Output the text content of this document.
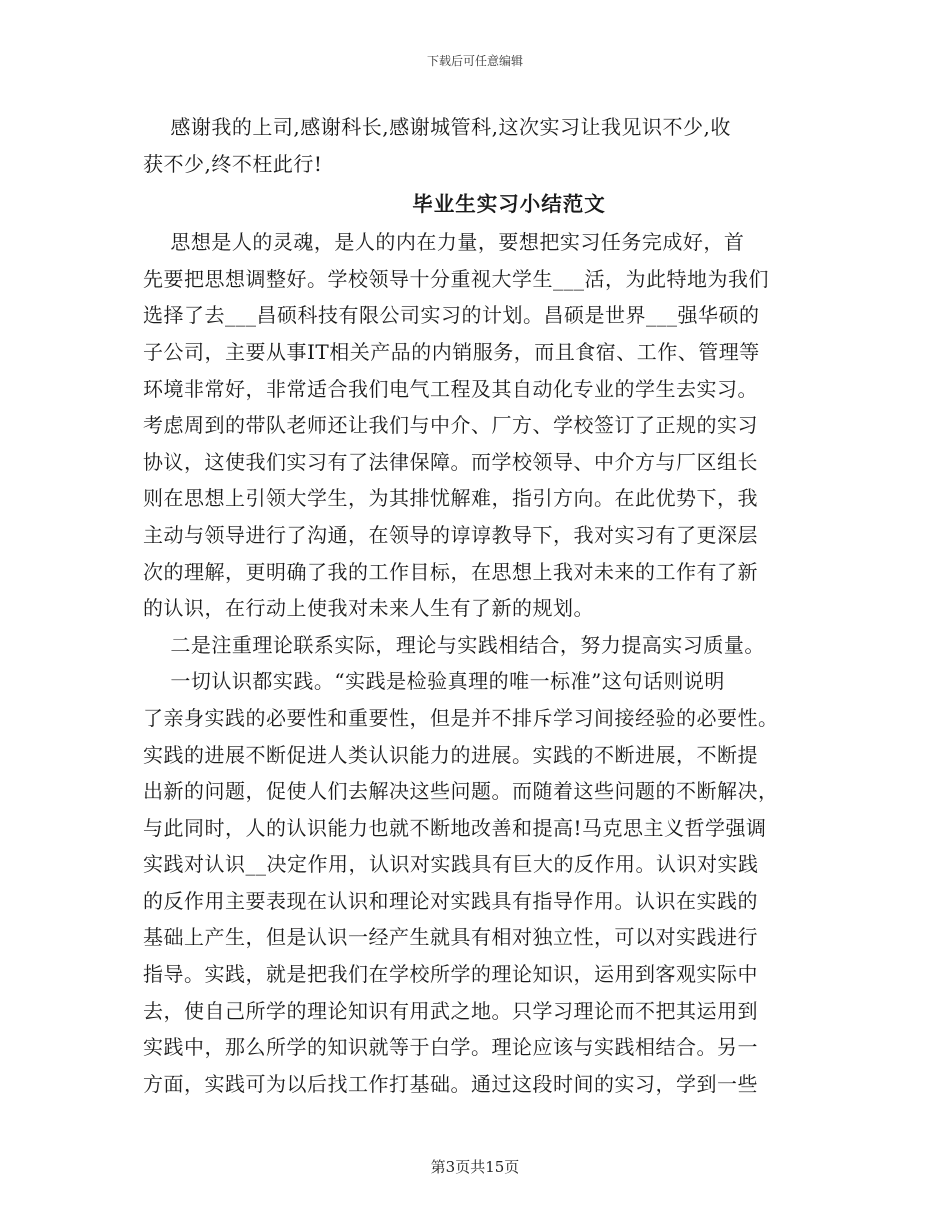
下载后可任意编辑
感谢我的上司,感谢科长,感谢城管科,这次实习让我见识不少,收
获不少,终不枉此行!
毕业生实习小结范文
思想是人的灵魂，是人的内在力量，要想把实习任务完成好，首
先要把思想调整好。学校领导十分重视大学生___活，为此特地为我们
选择了去___昌硕科技有限公司实习的计划。昌硕是世界___强华硕的
子公司，主要从事IT相关产品的内销服务，而且食宿、工作、管理等
环境非常好，非常适合我们电气工程及其自动化专业的学生去实习。
考虑周到的带队老师还让我们与中介、厂方、学校签订了正规的实习
协议，这使我们实习有了法律保障。而学校领导、中介方与厂区组长
则在思想上引领大学生，为其排忧解难，指引方向。在此优势下，我
主动与领导进行了沟通，在领导的谆谆教导下，我对实习有了更深层
次的理解，更明确了我的工作目标，在思想上我对未来的工作有了新
的认识，在行动上使我对未来人生有了新的规划。
二是注重理论联系实际，理论与实践相结合，努力提高实习质量。
一切认识都实践。“实践是检验真理的唯一标准”这句话则说明
了亲身实践的必要性和重要性，但是并不排斥学习间接经验的必要性。
实践的进展不断促进人类认识能力的进展。实践的不断进展，不断提
出新的问题，促使人们去解决这些问题。而随着这些问题的不断解决，
与此同时，人的认识能力也就不断地改善和提高!马克思主义哲学强调
实践对认识__决定作用，认识对实践具有巨大的反作用。认识对实践
的反作用主要表现在认识和理论对实践具有指导作用。认识在实践的
基础上产生，但是认识一经产生就具有相对独立性，可以对实践进行
指导。实践，就是把我们在学校所学的理论知识，运用到客观实际中
去，使自己所学的理论知识有用武之地。只学习理论而不把其运用到
实践中，那么所学的知识就等于白学。理论应该与实践相结合。另一
方面，实践可为以后找工作打基础。通过这段时间的实习，学到一些
第3页共15页
